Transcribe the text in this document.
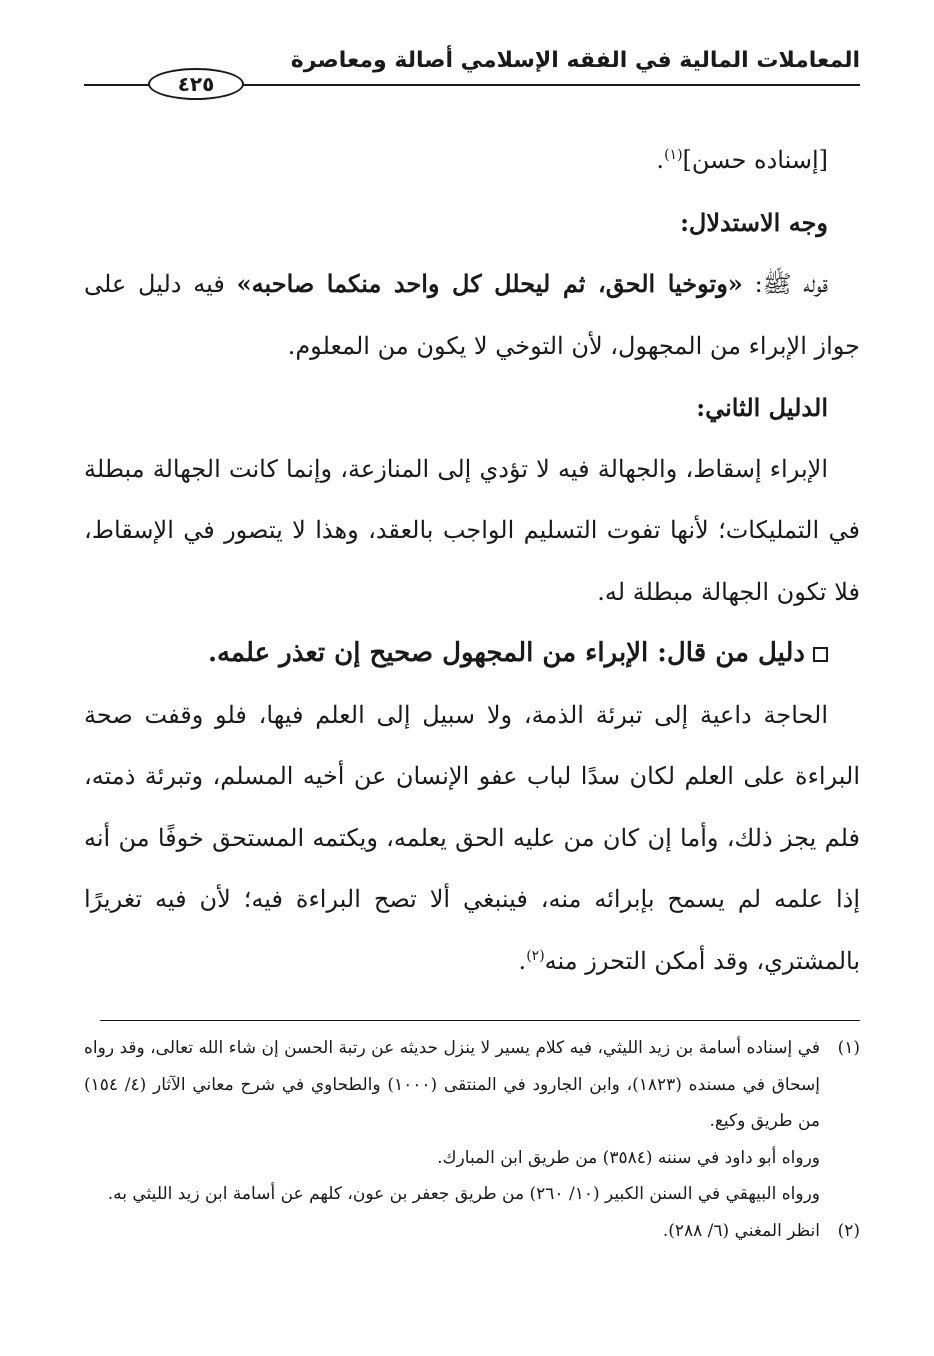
المعاملات المالية في الفقه الإسلامي أصالة ومعاصرة
٤٢٥

[إسناده حسن]$^{(١)}$.

وجه الاستدلال:

قوله ﷺ: «وتوخيا الحق، ثم ليحلل كل واحد منكما صاحبه» فيه دليل على جواز الإبراء من المجهول، لأن التوخي لا يكون من المعلوم.

الدليل الثاني:

الإبراء إسقاط، والجهالة فيه لا تؤدي إلى المنازعة، وإنما كانت الجهالة مبطلة في التمليكات؛ لأنها تفوت التسليم الواجب بالعقد، وهذا لا يتصور في الإسقاط، فلا تكون الجهالة مبطلة له.

دليل من قال: الإبراء من المجهول صحيح إن تعذر علمه.

الحاجة داعية إلى تبرئة الذمة، ولا سبيل إلى العلم فيها، فلو وقفت صحة البراءة على العلم لكان سدًا لباب عفو الإنسان عن أخيه المسلم، وتبرئة ذمته، فلم يجز ذلك، وأما إن كان من عليه الحق يعلمه، ويكتمه المستحق خوفًا من أنه إذا علمه لم يسمح بإبرائه منه، فينبغي ألا تصح البراءة فيه؛ لأن فيه تغريرًا بالمشتري، وقد أمكن التحرز منه$^{(٢)}$.

(١)
في إسناده أسامة بن زيد الليثي، فيه كلام يسير لا ينزل حديثه عن رتبة الحسن إن شاء الله تعالى، وقد رواه إسحاق في مسنده (١٨٢٣)، وابن الجارود في المنتقى (١٠٠٠) والطحاوي في شرح معاني الآثار (٤/ ١٥٤) من طريق وكيع.

ورواه أبو داود في سننه (٣٥٨٤) من طريق ابن المبارك.

ورواه البيهقي في السنن الكبير (١٠/ ٢٦٠) من طريق جعفر بن عون، كلهم عن أسامة ابن زيد الليثي به.

(٢)
انظر المغني (٦/ ٢٨٨).
